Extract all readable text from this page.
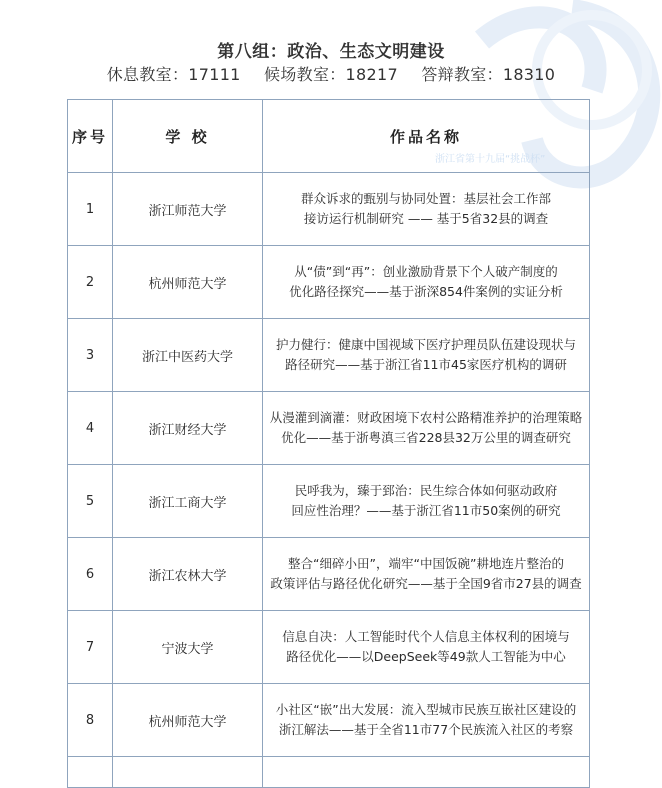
浙江省第十九届“挑战杯”
第八组：政治、生态文明建设
休息教室：17111 候场教室：18217 答辩教室：18310
序号	学 校	作品名称
1	浙江师范大学	群众诉求的甄别与协同处置：基层社会工作部
接访运行机制研究 —— 基于5省32县的调查

2	杭州师范大学	从“债”到“再”：创业激励背景下个人破产制度的
优化路径探究——基于浙深854件案例的实证分析

3	浙江中医药大学	护力健行：健康中国视域下医疗护理员队伍建设现状与
路径研究——基于浙江省11市45家医疗机构的调研

4	浙江财经大学	从漫灌到滴灌：财政困境下农村公路精准养护的治理策略
优化——基于浙粤滇三省228县32万公里的调查研究

5	浙江工商大学	民呼我为，臻于郅治：民生综合体如何驱动政府
回应性治理？——基于浙江省11市50案例的研究

6	浙江农林大学	整合“细碎小田”，端牢“中国饭碗”耕地连片整治的
政策评估与路径优化研究——基于全国9省市27县的调查

7	宁波大学	信息自决：人工智能时代个人信息主体权利的困境与
路径优化——以DeepSeek等49款人工智能为中心

8	杭州师范大学	小社区“嵌”出大发展：流入型城市民族互嵌社区建设的
浙江解法——基于全省11市77个民族流入社区的考察
